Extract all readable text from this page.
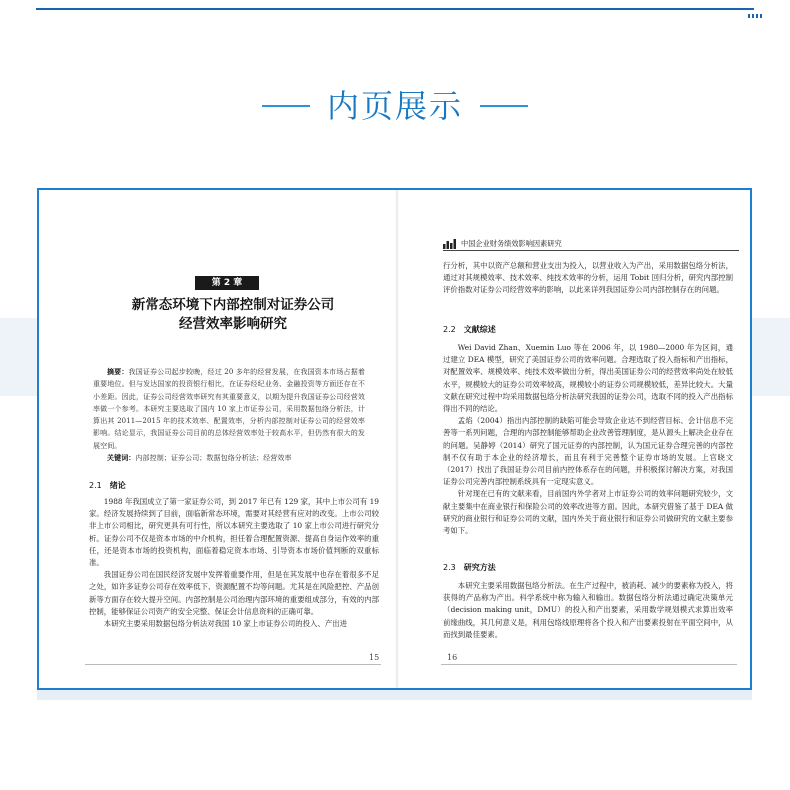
内页展示
第 2 章
新常态环境下内部控制对证券公司
经营效率影响研究

摘要：我国证券公司起步较晚，经过 20 多年的经营发展，在我国资本市场占据着重要地位。但与发达国家的投资银行相比，在证券经纪业务、金融投资等方面还存在不小差距。因此，证券公司经营效率研究有其重要意义，以期为提升我国证券公司经营效率做一个参考。本研究主要选取了国内 10 家上市证券公司，采用数据包络分析法，计算出其 2011—2015 年的技术效率、配置效率，分析内部控制对证券公司的经营效率影响。结论显示，我国证券公司目前的总体经营效率处于较高水平，但仍然有很大的发展空间。

关键词：内部控制；证券公司；数据包络分析法；经营效率

2.1 绪论

1988 年我国成立了第一家证券公司，到 2017 年已有 129 家，其中上市公司有 19 家。经济发展持续到了目前，面临新常态环境，需要对其经营有应对的改变。上市公司较非上市公司相比，研究更具有可行性，所以本研究主要选取了 10 家上市公司进行研究分析。证券公司不仅是资本市场的中介机构，担任着合理配置资源、提高自身运作效率的重任，还是资本市场的投资机构，面临着稳定资本市场、引导资本市场价值判断的双重标准。

我国证券公司在国民经济发展中发挥着重要作用，但是在其发展中也存在着很多不足之处，如许多证券公司存在效率低下、资源配置不均等问题。尤其是在风险把控、产品创新等方面存在较大提升空间。内部控制是公司治理内部环境的重要组成部分，有效的内部控制，能够保证公司资产的安全完整、保证会计信息资料的正确可靠。

本研究主要采用数据包络分析法对我国 10 家上市证券公司的投入、产出进

15
中国企业财务绩效影响因素研究

行分析，其中以资产总额和营业支出为投入，以营业收入为产出，采用数据包络分析法，通过对其规模效率、技术效率、纯技术效率的分析，运用 Tobit 回归分析，研究内部控制评价指数对证券公司经营效率的影响，以此来详列我国证券公司内部控制存在的问题。

2.2 文献综述

Wei David Zhan、Xuemin Luo 等在 2006 年，以 1980—2000 年为区间，通过建立 DEA 模型，研究了美国证券公司的效率问题。合理选取了投入指标和产出指标，对配置效率、规模效率、纯技术效率做出分析，得出美国证券公司的经营效率尚处在较低水平，规模较大的证券公司效率较高，规模较小的证券公司规模较低，差异比较大。大量文献在研究过程中均采用数据包络分析法研究我国的证券公司，选取不同的投入产出指标得出不同的结论。

孟焰（2004）指出内部控制的缺陷可能会导致企业达不到经营目标、会计信息不完善等一系列问题，合理的内部控制能够帮助企业改善管理制度，是从源头上解决企业存在的问题。吴静婷（2014）研究了国元证券的内部控制，认为国元证券合理完善的内部控制不仅有助于本企业的经济增长，而且有利于完善整个证券市场的发展。上官晓文（2017）找出了我国证券公司目前内控体系存在的问题，并积极探讨解决方案，对我国证券公司完善内部控制系统具有一定现实意义。

针对现在已有的文献来看，目前国内外学者对上市证券公司的效率问题研究较少，文献主要集中在商业银行和保险公司的效率改进等方面。因此，本研究借鉴了基于 DEA 做研究的商业银行和证券公司的文献，国内外关于商业银行和证券公司做研究的文献主要参考如下。

2.3 研究方法

本研究主要采用数据包络分析法。在生产过程中，被消耗、减少的要素称为投入，将获得的产品称为产出。科学系统中称为输入和输出。数据包络分析法通过确定决策单元（decision making unit，DMU）的投入和产出要素，采用数学规划模式求算出效率前缘曲线，其几何意义是，利用包络线原理将各个投入和产出要素投射在平面空间中，从而找到最佳要素。

16
